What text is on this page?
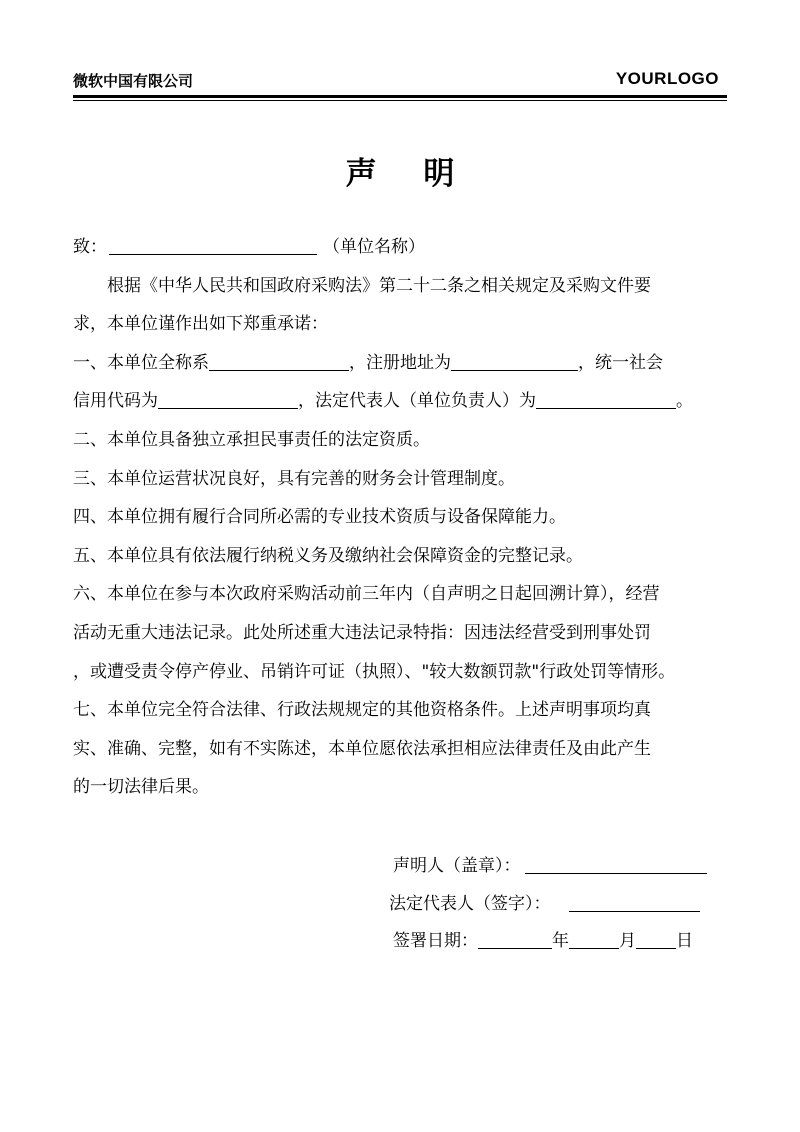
微软中国有限公司	YOURLOGO
声 明
致：	（单位名称）
根据《中华人民共和国政府采购法》第二十二条之相关规定及采购文件要
求，本单位谨作出如下郑重承诺：
一、本单位全称系	，注册地址为	，统一社会
信用代码为	，法定代表人（单位负责人）为	。
二、本单位具备独立承担民事责任的法定资质。
三、本单位运营状况良好，具有完善的财务会计管理制度。
四、本单位拥有履行合同所必需的专业技术资质与设备保障能力。
五、本单位具有依法履行纳税义务及缴纳社会保障资金的完整记录。
六、本单位在参与本次政府采购活动前三年内（自声明之日起回溯计算），经营
活动无重大违法记录。此处所述重大违法记录特指：因违法经营受到刑事处罚
，或遭受责令停产停业、吊销许可证（执照）、"较大数额罚款"行政处罚等情形。
七、本单位完全符合法律、行政法规规定的其他资格条件。上述声明事项均真
实、准确、完整，如有不实陈述，本单位愿依法承担相应法律责任及由此产生
的一切法律后果。
声明人（盖章）：
法定代表人（签字）：
签署日期：	年	月 日
